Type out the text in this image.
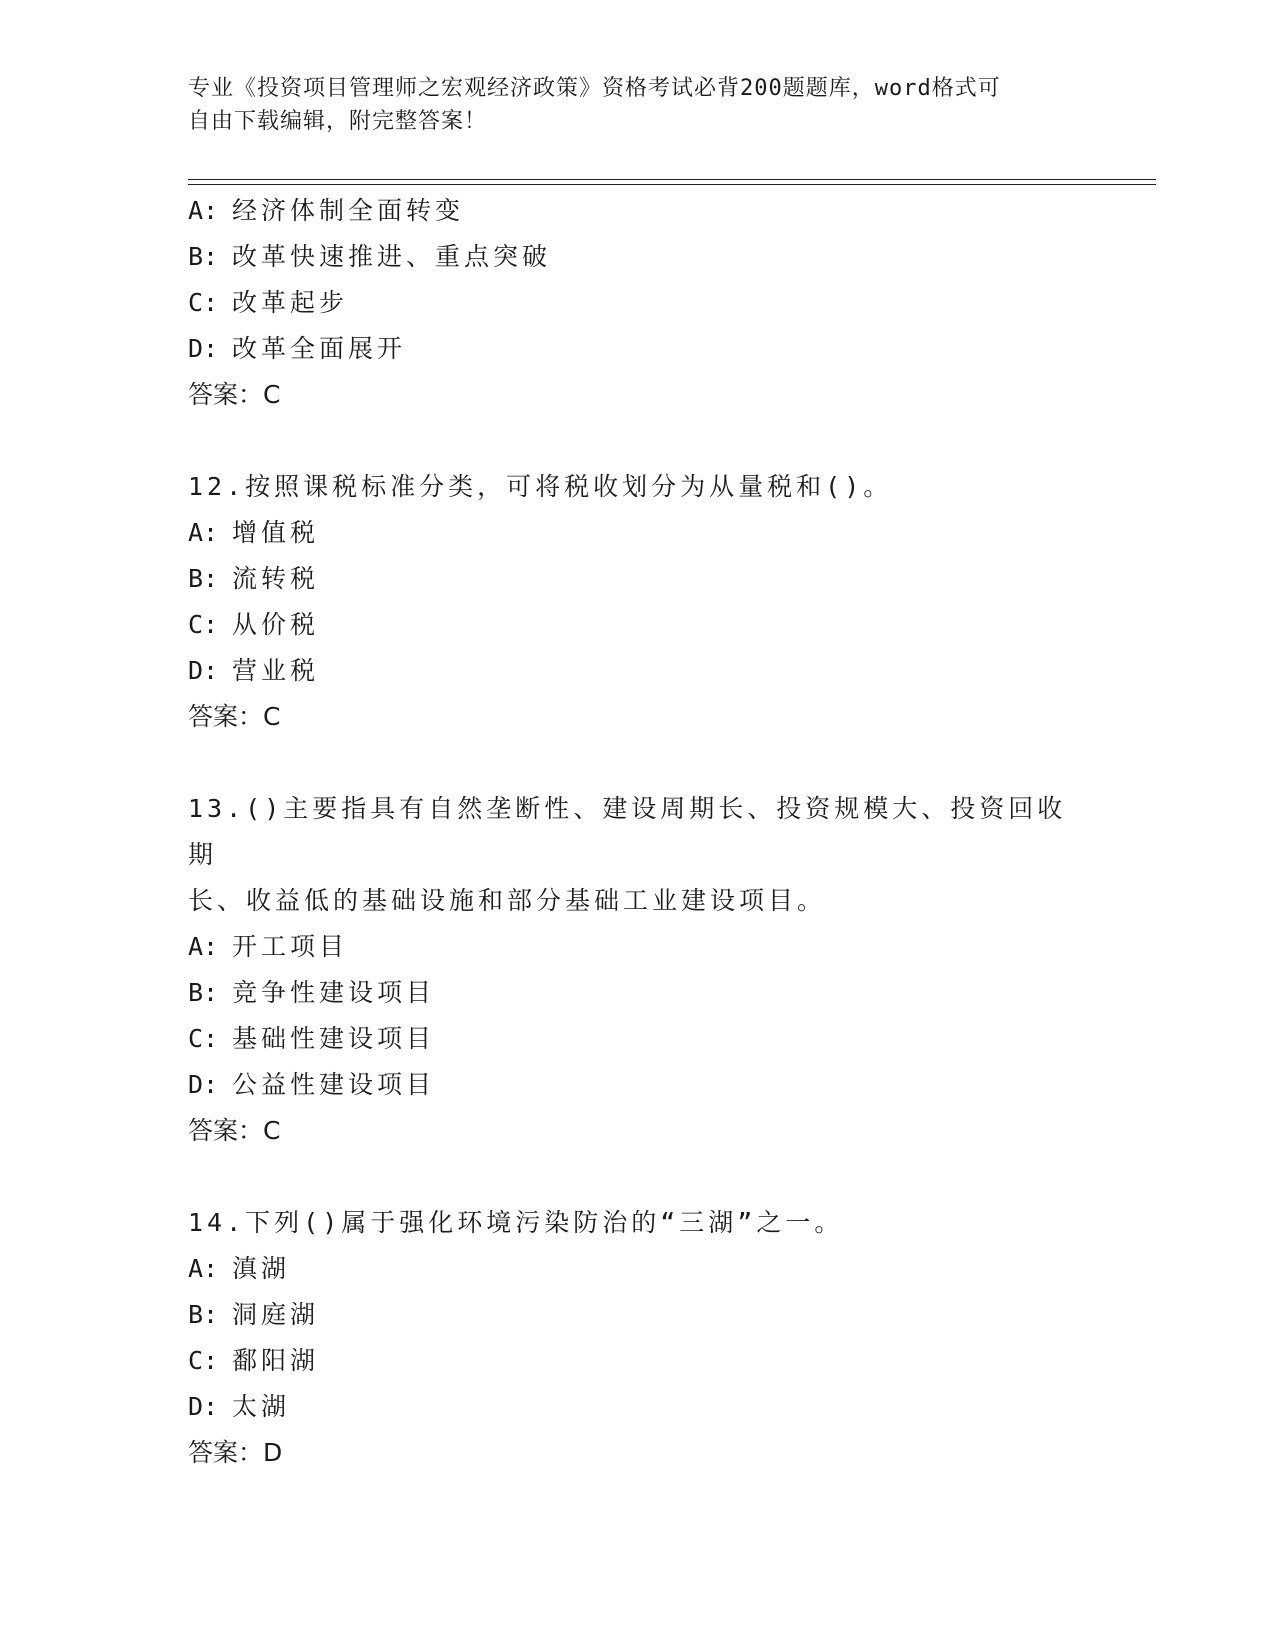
专业《投资项目管理师之宏观经济政策》资格考试必背200题题库，word格式可
自由下载编辑，附完整答案！
A: 经济体制全面转变
B: 改革快速推进、重点突破
C: 改革起步
D: 改革全面展开
答案：C
12.按照课税标准分类，可将税收划分为从量税和()。
A: 增值税
B: 流转税
C: 从价税
D: 营业税
答案：C
13.()主要指具有自然垄断性、建设周期长、投资规模大、投资回收期
长、收益低的基础设施和部分基础工业建设项目。
A: 开工项目
B: 竞争性建设项目
C: 基础性建设项目
D: 公益性建设项目
答案：C
14.下列()属于强化环境污染防治的“三湖”之一。
A: 滇湖
B: 洞庭湖
C: 鄱阳湖
D: 太湖
答案：D
